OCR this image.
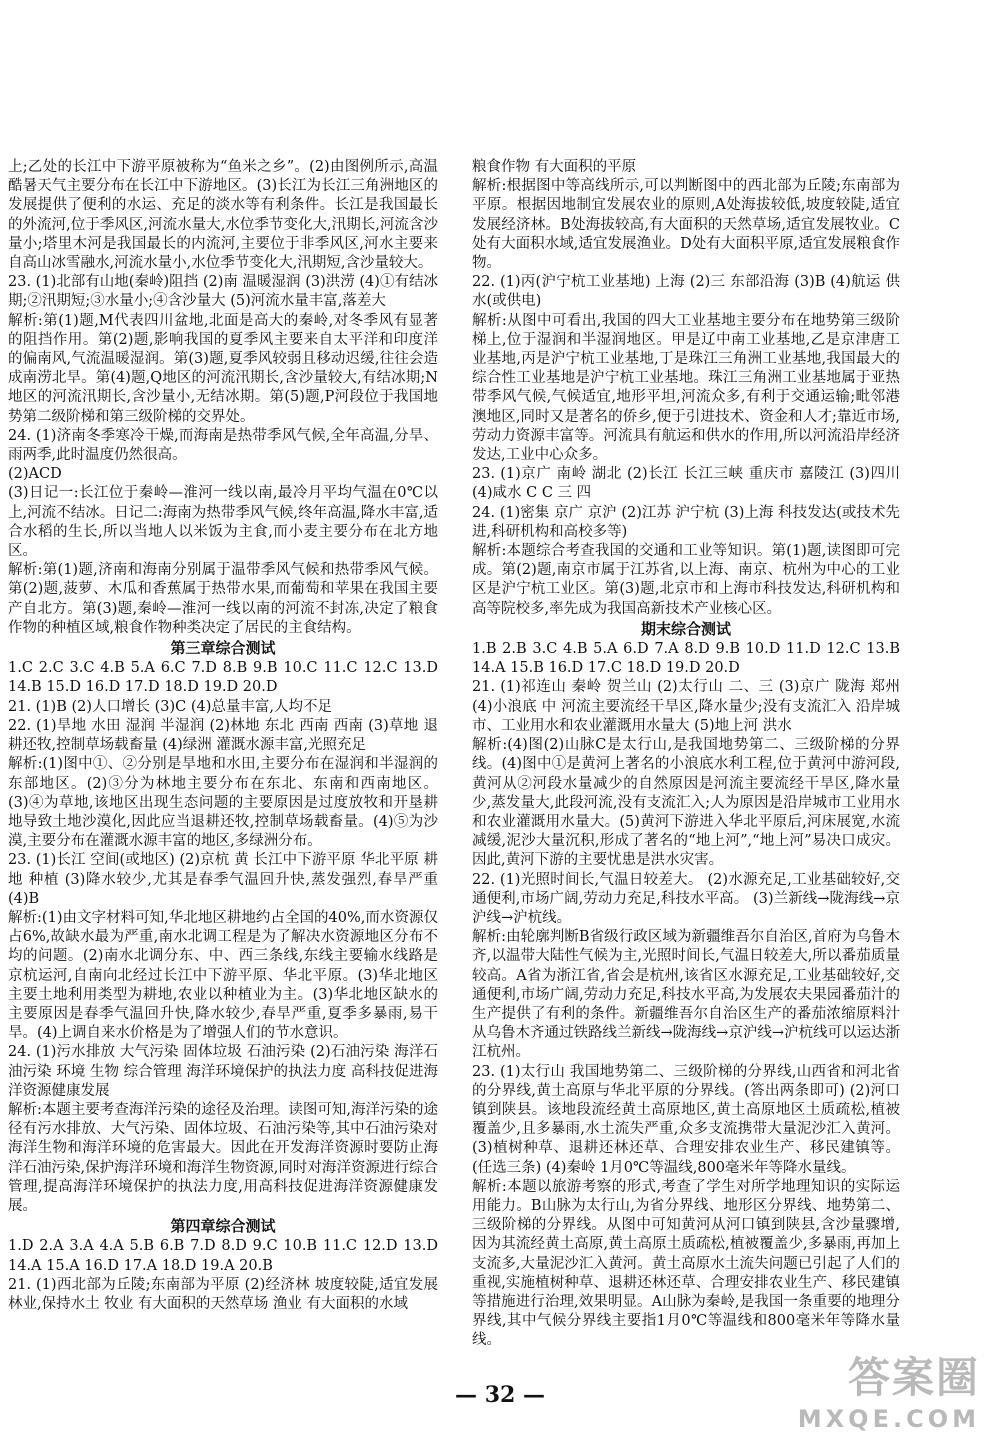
上;乙处的长江中下游平原被称为“鱼米之乡”。(2)由图例所示,高温酷暑天气主要分布在长江中下游地区。(3)长江为长江三角洲地区的发展提供了便利的水运、充足的淡水等有利条件。长江是我国最长的外流河,位于季风区,河流水量大,水位季节变化大,汛期长,河流含沙量小;塔里木河是我国最长的内流河,主要位于非季风区,河水主要来自高山冰雪融水,河流水量小,水位季节变化大,汛期短,含沙量较大。

23. (1)北部有山地(秦岭)阻挡 (2)南 温暖湿润 (3)洪涝 (4)①有结冰期;②汛期短;③水量小;④含沙量大 (5)河流水量丰富,落差大

解析:第(1)题,M代表四川盆地,北面是高大的秦岭,对冬季风有显著的阻挡作用。第(2)题,影响我国的夏季风主要来自太平洋和印度洋的偏南风,气流温暖湿润。第(3)题,夏季风较弱且移动迟缓,往往会造成南涝北旱。第(4)题,Q地区的河流汛期长,含沙量较大,有结冰期;N地区的河流汛期长,含沙量小,无结冰期。第(5)题,P河段位于我国地势第二级阶梯和第三级阶梯的交界处。

24. (1)济南冬季寒冷干燥,而海南是热带季风气候,全年高温,分旱、雨两季,此时温度仍然很高。

(2)ACD

(3)日记一:长江位于秦岭—淮河一线以南,最冷月平均气温在0℃以上,河流不结冰。日记二:海南为热带季风气候,终年高温,降水丰富,适合水稻的生长,所以当地人以米饭为主食,而小麦主要分布在北方地区。

解析:第(1)题,济南和海南分别属于温带季风气候和热带季风气候。第(2)题,菠萝、木瓜和香蕉属于热带水果,而葡萄和苹果在我国主要产自北方。第(3)题,秦岭—淮河一线以南的河流不封冻,决定了粮食作物的种植区域,粮食作物种类决定了居民的主食结构。

第三章综合测试

1.C 2.C 3.C 4.B 5.A 6.C 7.D 8.B 9.B 10.C 11.C 12.C 13.D 14.B 15.D 16.D 17.D 18.D 19.D 20.D

21. (1)B (2)人口增长 (3)C (4)总量丰富,人均不足

22. (1)旱地 水田 湿润 半湿润 (2)林地 东北 西南 西南 (3)草地 退耕还牧,控制草场载畜量 (4)绿洲 灌溉水源丰富,光照充足

解析:(1)图中①、②分别是旱地和水田,主要分布在湿润和半湿润的东部地区。(2)③分为林地主要分布在东北、东南和西南地区。(3)④为草地,该地区出现生态问题的主要原因是过度放牧和开垦耕地导致土地沙漠化,因此应当退耕还牧,控制草场载畜量。(4)⑤为沙漠,主要分布在灌溉水源丰富的地区,多绿洲分布。

23. (1)长江 空间(或地区) (2)京杭 黄 长江中下游平原 华北平原 耕地 种植 (3)降水较少,尤其是春季气温回升快,蒸发强烈,春旱严重 (4)B

解析:(1)由文字材料可知,华北地区耕地约占全国的40%,而水资源仅占6%,故缺水最为严重,南水北调工程是为了解决水资源地区分布不均的问题。(2)南水北调分东、中、西三条线,东线主要输水线路是京杭运河,自南向北经过长江中下游平原、华北平原。(3)华北地区主要土地利用类型为耕地,农业以种植业为主。(3)华北地区缺水的主要原因是春季气温回升快,降水较少,春旱严重,夏季多暴雨,易干旱。(4)上调自来水价格是为了增强人们的节水意识。

24. (1)污水排放 大气污染 固体垃圾 石油污染 (2)石油污染 海洋石油污染 环境 生物 综合管理 海洋环境保护的执法力度 高科技促进海洋资源健康发展

解析:本题主要考查海洋污染的途径及治理。读图可知,海洋污染的途径有污水排放、大气污染、固体垃圾、石油污染等,其中石油污染对海洋生物和海洋环境的危害最大。因此在开发海洋资源时要防止海洋石油污染,保护海洋环境和海洋生物资源,同时对海洋资源进行综合管理,提高海洋环境保护的执法力度,用高科技促进海洋资源健康发展。

第四章综合测试

1.D 2.A 3.A 4.A 5.B 6.B 7.D 8.D 9.C 10.B 11.C 12.D 13.D 14.A 15.A 16.D 17.A 18.D 19.A 20.B

21. (1)西北部为丘陵;东南部为平原 (2)经济林 坡度较陡,适宜发展林业,保持水土 牧业 有大面积的天然草场 渔业 有大面积的水域

粮食作物 有大面积的平原

解析:根据图中等高线所示,可以判断图中的西北部为丘陵;东南部为平原。根据因地制宜发展农业的原则,A处海拔较低,坡度较陡,适宜发展经济林。B处海拔较高,有大面积的天然草场,适宜发展牧业。C处有大面积水域,适宜发展渔业。D处有大面积平原,适宜发展粮食作物。

22. (1)丙(沪宁杭工业基地) 上海 (2)三 东部沿海 (3)B (4)航运 供水(或供电)

解析:从图中可看出,我国的四大工业基地主要分布在地势第三级阶梯上,位于湿润和半湿润地区。甲是辽中南工业基地,乙是京津唐工业基地,丙是沪宁杭工业基地,丁是珠江三角洲工业基地,我国最大的综合性工业基地是沪宁杭工业基地。珠江三角洲工业基地属于亚热带季风气候,气候适宜,地形平坦,河流众多,有利于交通运输;毗邻港澳地区,同时又是著名的侨乡,便于引进技术、资金和人才;靠近市场,劳动力资源丰富等。河流具有航运和供水的作用,所以河流沿岸经济发达,工业中心众多。

23. (1)京广 南岭 湖北 (2)长江 长江三峡 重庆市 嘉陵江 (3)四川 (4)咸水 C C 三 四

24. (1)密集 京广 京沪 (2)江苏 沪宁杭 (3)上海 科技发达(或技术先进,科研机构和高校多等)

解析:本题综合考查我国的交通和工业等知识。第(1)题,读图即可完成。第(2)题,南京市属于江苏省,以上海、南京、杭州为中心的工业区是沪宁杭工业区。第(3)题,北京市和上海市科技发达,科研机构和高等院校多,率先成为我国高新技术产业核心区。

期末综合测试

1.B 2.B 3.C 4.B 5.A 6.D 7.A 8.D 9.B 10.D 11.D 12.C 13.B 14.A 15.B 16.D 17.C 18.D 19.D 20.D

21. (1)祁连山 秦岭 贺兰山 (2)太行山 二、三 (3)京广 陇海 郑州 (4)小浪底 中 河流主要流经干旱区,降水量少;没有支流汇入 沿岸城市、工业用水和农业灌溉用水量大 (5)地上河 洪水

解析:(4)图(2)山脉C是太行山,是我国地势第二、三级阶梯的分界线。(4)图中①是黄河上著名的小浪底水利工程,位于黄河中游河段,黄河从②河段水量减少的自然原因是河流主要流经干旱区,降水量少,蒸发量大,此段河流,没有支流汇入;人为原因是沿岸城市工业用水和农业灌溉用水量大。(5)黄河下游进入华北平原后,河床展宽,水流减缓,泥沙大量沉积,形成了著名的“地上河”,“地上河”易决口成灾。因此,黄河下游的主要忧患是洪水灾害。

22. (1)光照时间长,气温日较差大。 (2)水源充足,工业基础较好,交通便利,市场广阔,劳动力充足,科技水平高。 (3)兰新线→陇海线→京沪线→沪杭线。

解析:由轮廓判断B省级行政区域为新疆维吾尔自治区,首府为乌鲁木齐,以温带大陆性气候为主,光照时间长,气温日较差大,所以番茄质量较高。A省为浙江省,省会是杭州,该省区水源充足,工业基础较好,交通便利,市场广阔,劳动力充足,科技水平高,为发展农夫果园番茄汁的生产提供了有利的条件。新疆维吾尔自治区生产的番茄浓缩原料汁从乌鲁木齐通过铁路线兰新线→陇海线→京沪线→沪杭线可以运达浙江杭州。

23. (1)太行山 我国地势第二、三级阶梯的分界线,山西省和河北省的分界线,黄土高原与华北平原的分界线。(答出两条即可) (2)河口镇到陕县。该地段流经黄土高原地区,黄土高原地区土质疏松,植被覆盖少,且多暴雨,水土流失严重,众多支流携带大量泥沙汇入黄河。 (3)植树种草、退耕还林还草、合理安排农业生产、移民建镇等。(任选三条) (4)秦岭 1月0℃等温线,800毫米年等降水量线。

解析:本题以旅游考察的形式,考查了学生对所学地理知识的实际运用能力。B山脉为太行山,为省分界线、地形区分界线、地势第二、三级阶梯的分界线。从图中可知黄河从河口镇到陕县,含沙量骤增,因为其流经黄土高原,黄土高原土质疏松,植被覆盖少,多暴雨,再加上支流多,大量泥沙汇入黄河。黄土高原水土流失问题已引起了人们的重视,实施植树种草、退耕还林还草、合理安排农业生产、移民建镇等措施进行治理,效果明显。A山脉为秦岭,是我国一条重要的地理分界线,其中气候分界线主要指1月0℃等温线和800毫米年等降水量线。

— 32 —	答案圈
MXQE.COM
